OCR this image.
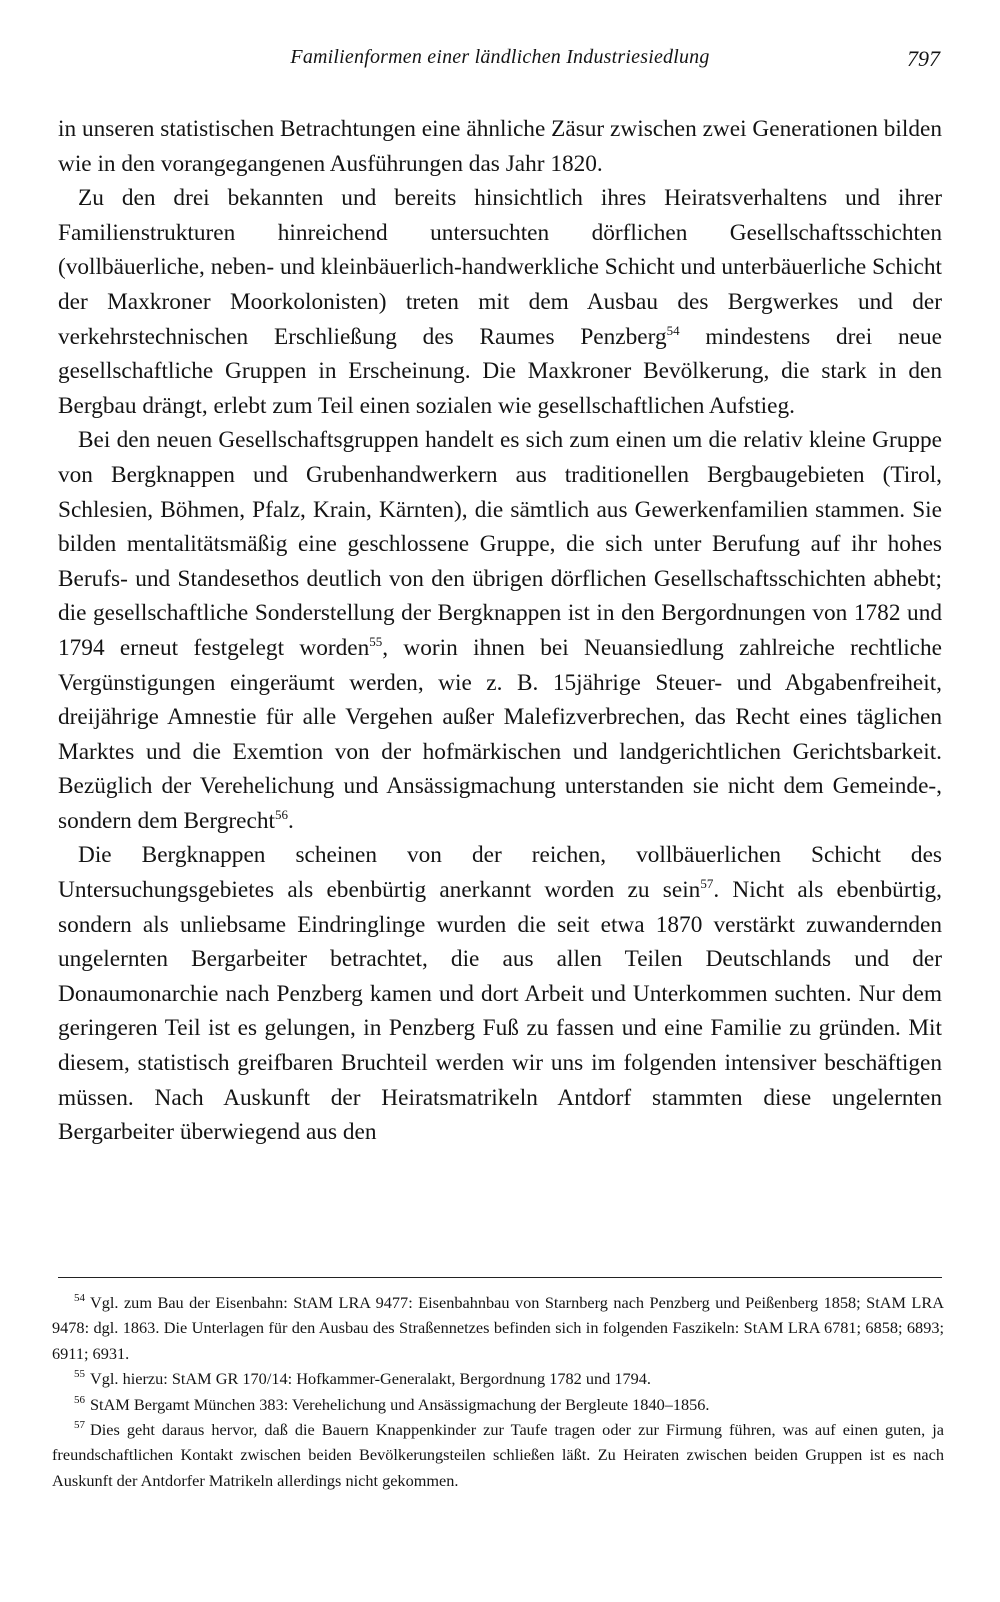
Familienformen einer ländlichen Industriesiedlung	797

in unseren statistischen Betrachtungen eine ähnliche Zäsur zwischen zwei Generationen bilden wie in den vorangegangenen Ausführungen das Jahr 1820.

Zu den drei bekannten und bereits hinsichtlich ihres Heiratsverhaltens und ihrer Familienstrukturen hinreichend untersuchten dörflichen Gesellschaftsschichten (vollbäuerliche, neben- und kleinbäuerlich-handwerkliche Schicht und unterbäuerliche Schicht der Maxkroner Moorkolonisten) treten mit dem Ausbau des Bergwerkes und der verkehrstechnischen Erschließung des Raumes Penzberg$^{54}$ mindestens drei neue gesellschaftliche Gruppen in Erscheinung. Die Maxkroner Bevölkerung, die stark in den Bergbau drängt, erlebt zum Teil einen sozialen wie gesellschaftlichen Aufstieg.

Bei den neuen Gesellschaftsgruppen handelt es sich zum einen um die relativ kleine Gruppe von Bergknappen und Grubenhandwerkern aus traditionellen Bergbaugebieten (Tirol, Schlesien, Böhmen, Pfalz, Krain, Kärnten), die sämtlich aus Gewerkenfamilien stammen. Sie bilden mentalitätsmäßig eine geschlossene Gruppe, die sich unter Berufung auf ihr hohes Berufs- und Standesethos deutlich von den übrigen dörflichen Gesellschaftsschichten abhebt; die gesellschaftliche Sonderstellung der Bergknappen ist in den Bergordnungen von 1782 und 1794 erneut festgelegt worden$^{55}$, worin ihnen bei Neuansiedlung zahlreiche rechtliche Vergünstigungen eingeräumt werden, wie z. B. 15jährige Steuer- und Abgabenfreiheit, dreijährige Amnestie für alle Vergehen außer Malefizverbrechen, das Recht eines täglichen Marktes und die Exemtion von der hofmärkischen und landgerichtlichen Gerichtsbarkeit. Bezüglich der Verehelichung und Ansässigmachung unterstanden sie nicht dem Gemeinde-, sondern dem Bergrecht$^{56}$.

Die Bergknappen scheinen von der reichen, vollbäuerlichen Schicht des Untersuchungsgebietes als ebenbürtig anerkannt worden zu sein$^{57}$. Nicht als ebenbürtig, sondern als unliebsame Eindringlinge wurden die seit etwa 1870 verstärkt zuwandernden ungelernten Bergarbeiter betrachtet, die aus allen Teilen Deutschlands und der Donaumonarchie nach Penzberg kamen und dort Arbeit und Unterkommen suchten. Nur dem geringeren Teil ist es gelungen, in Penzberg Fuß zu fassen und eine Familie zu gründen. Mit diesem, statistisch greifbaren Bruchteil werden wir uns im folgenden intensiver beschäftigen müssen. Nach Auskunft der Heiratsmatrikeln Antdorf stammten diese ungelernten Bergarbeiter überwiegend aus den

$^{54}$ Vgl. zum Bau der Eisenbahn: StAM LRA 9477: Eisenbahnbau von Starnberg nach Penzberg und Peißenberg 1858; StAM LRA 9478: dgl. 1863. Die Unterlagen für den Ausbau des Straßennetzes befinden sich in folgenden Faszikeln: StAM LRA 6781; 6858; 6893; 6911; 6931.

$^{55}$ Vgl. hierzu: StAM GR 170/14: Hofkammer-Generalakt, Bergordnung 1782 und 1794.

$^{56}$ StAM Bergamt München 383: Verehelichung und Ansässigmachung der Bergleute 1840–1856.

$^{57}$ Dies geht daraus hervor, daß die Bauern Knappenkinder zur Taufe tragen oder zur Firmung führen, was auf einen guten, ja freundschaftlichen Kontakt zwischen beiden Bevölkerungsteilen schließen läßt. Zu Heiraten zwischen beiden Gruppen ist es nach Auskunft der Antdorfer Matrikeln allerdings nicht gekommen.
